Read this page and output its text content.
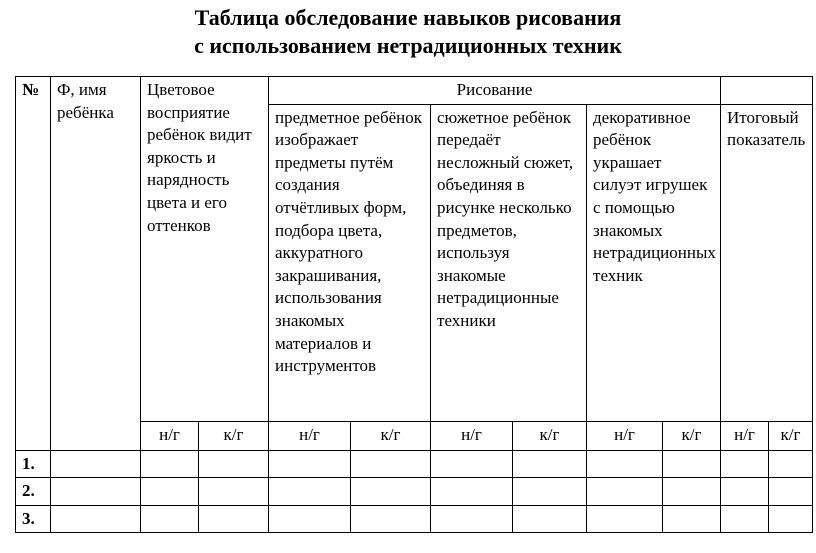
Таблица обследование навыков рисования
с использованием нетрадиционных техник
№	Ф, имя ребёнка	Цветовое восприятие ребёнок видит яркость и нарядность цвета и его оттенков		Рисование							
				предметное ребёнок изображает предметы путём создания отчётливых форм, подбора цвета, аккуратного закрашивания, использования знакомых материалов и инструментов		сюжетное ребёнок передаёт несложный сюжет, объединяя в рисунке несколько предметов, используя знакомые нетрадиционные техники		декоративное ребёнок украшает силуэт игрушек с помощью знакомых нетрадиционных техник		Итоговый показатель	
		н/г	к/г	н/г	к/г	н/г	к/г	н/г	к/г	н/г	к/г
1.											
2.											
3.											
